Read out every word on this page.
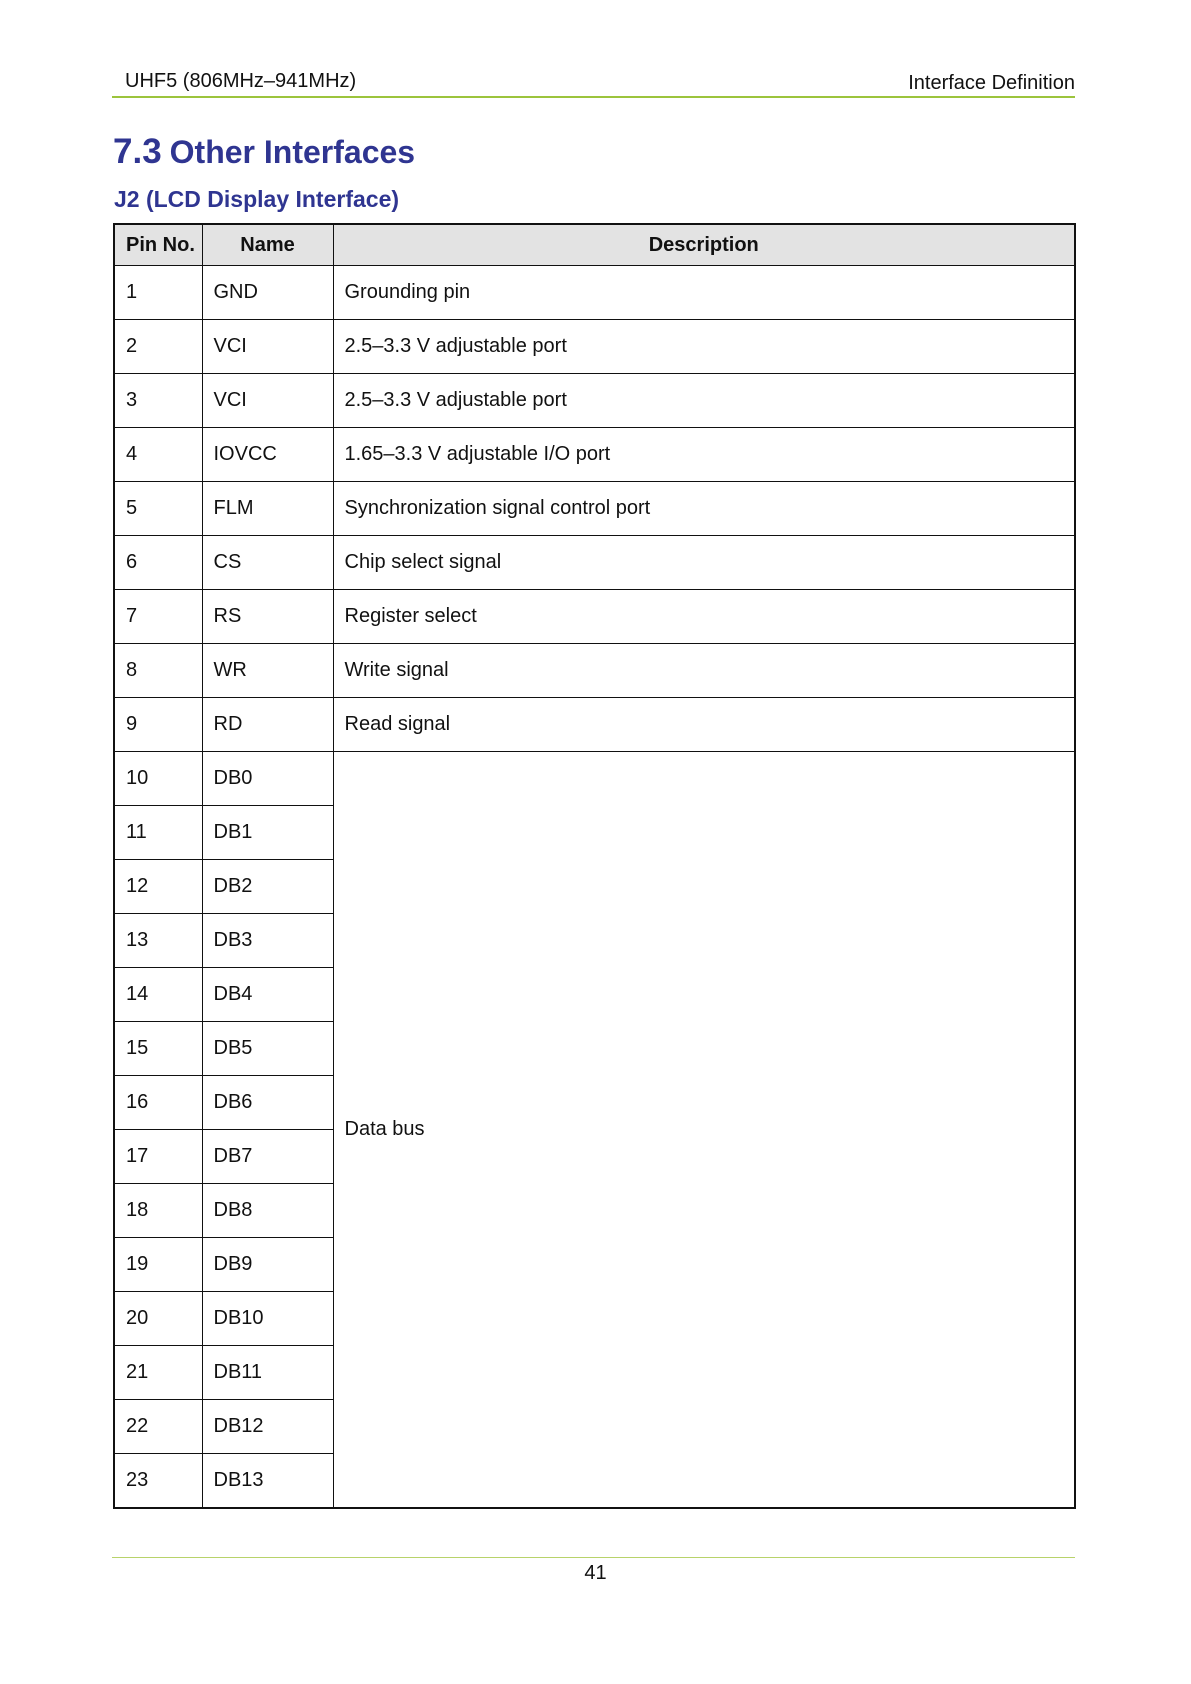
UHF5 (806MHz–941MHz)	Interface Definition
7.3 Other Interfaces
J2 (LCD Display Interface)
Pin No.	Name	Description
1	GND	Grounding pin
2	VCI	2.5–3.3 V adjustable port
3	VCI	2.5–3.3 V adjustable port
4	IOVCC	1.65–3.3 V adjustable I/O port
5	FLM	Synchronization signal control port
6	CS	Chip select signal
7	RS	Register select
8	WR	Write signal
9	RD	Read signal
10	DB0	Data bus
11	DB1	
12	DB2	
13	DB3	
14	DB4	
15	DB5	
16	DB6	
17	DB7	
18	DB8	
19	DB9	
20	DB10	
21	DB11	
22	DB12	
23	DB13	
41
